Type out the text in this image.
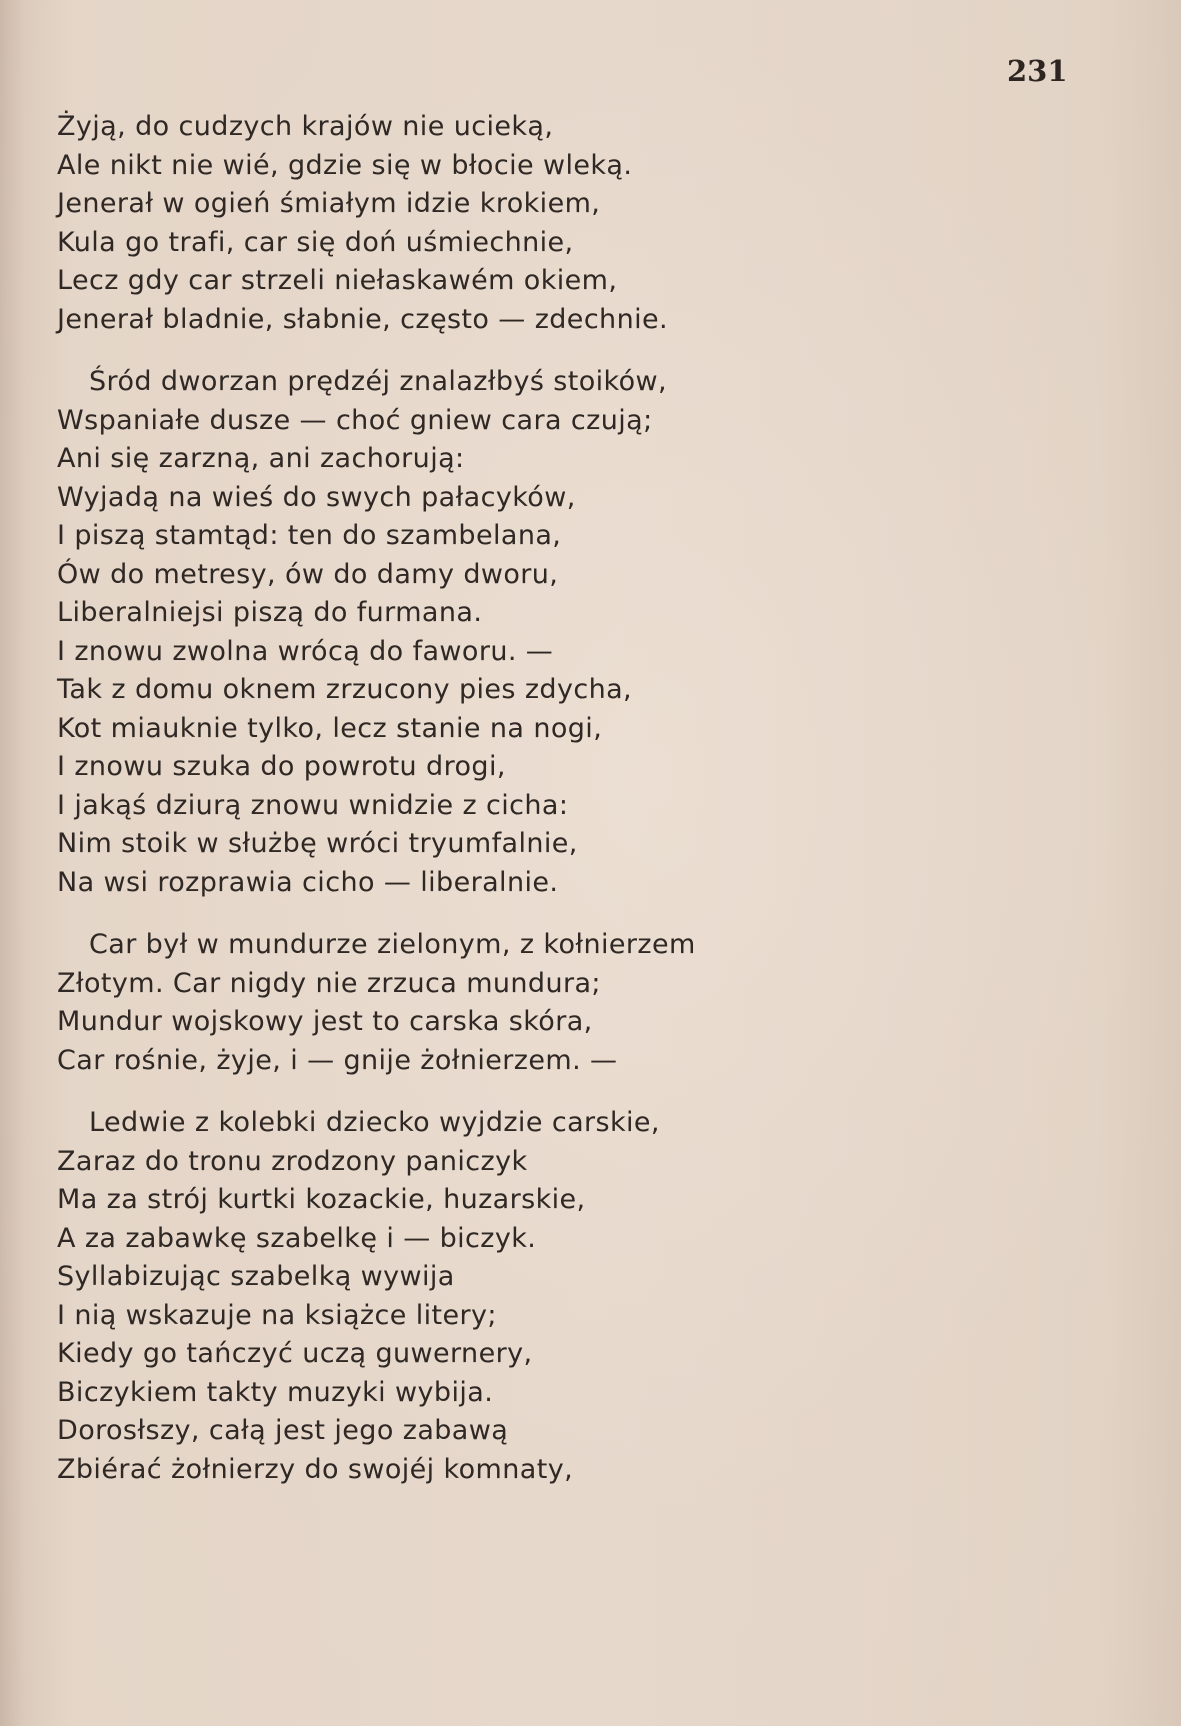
231
Żyją, do cudzych krajów nie ucieką,
Ale nikt nie wié, gdzie się w błocie wleką.
Jenerał w ogień śmiałym idzie krokiem,
Kula go trafi, car się doń uśmiechnie,
Lecz gdy car strzeli niełaskawém okiem,
Jenerał bladnie, słabnie, często — zdechnie.
Śród dworzan prędzéj znalazłbyś stoików,
Wspaniałe dusze — choć gniew cara czują;
Ani się zarzną, ani zachorują:
Wyjadą na wieś do swych pałacyków,
I piszą stamtąd: ten do szambelana,
Ów do metresy, ów do damy dworu,
Liberalniejsi piszą do furmana.
I znowu zwolna wrócą do faworu. —
Tak z domu oknem zrzucony pies zdycha,
Kot miauknie tylko, lecz stanie na nogi,
I znowu szuka do powrotu drogi,
I jakąś dziurą znowu wnidzie z cicha:
Nim stoik w służbę wróci tryumfalnie,
Na wsi rozprawia cicho — liberalnie.
Car był w mundurze zielonym, z kołnierzem
Złotym. Car nigdy nie zrzuca mundura;
Mundur wojskowy jest to carska skóra,
Car rośnie, żyje, i — gnije żołnierzem. —
Ledwie z kolebki dziecko wyjdzie carskie,
Zaraz do tronu zrodzony paniczyk
Ma za strój kurtki kozackie, huzarskie,
A za zabawkę szabelkę i — biczyk.
Syllabizując szabelką wywija
I nią wskazuje na książce litery;
Kiedy go tańczyć uczą guwernery,
Biczykiem takty muzyki wybija.
Dorosłszy, całą jest jego zabawą
Zbiérać żołnierzy do swojéj komnaty,
